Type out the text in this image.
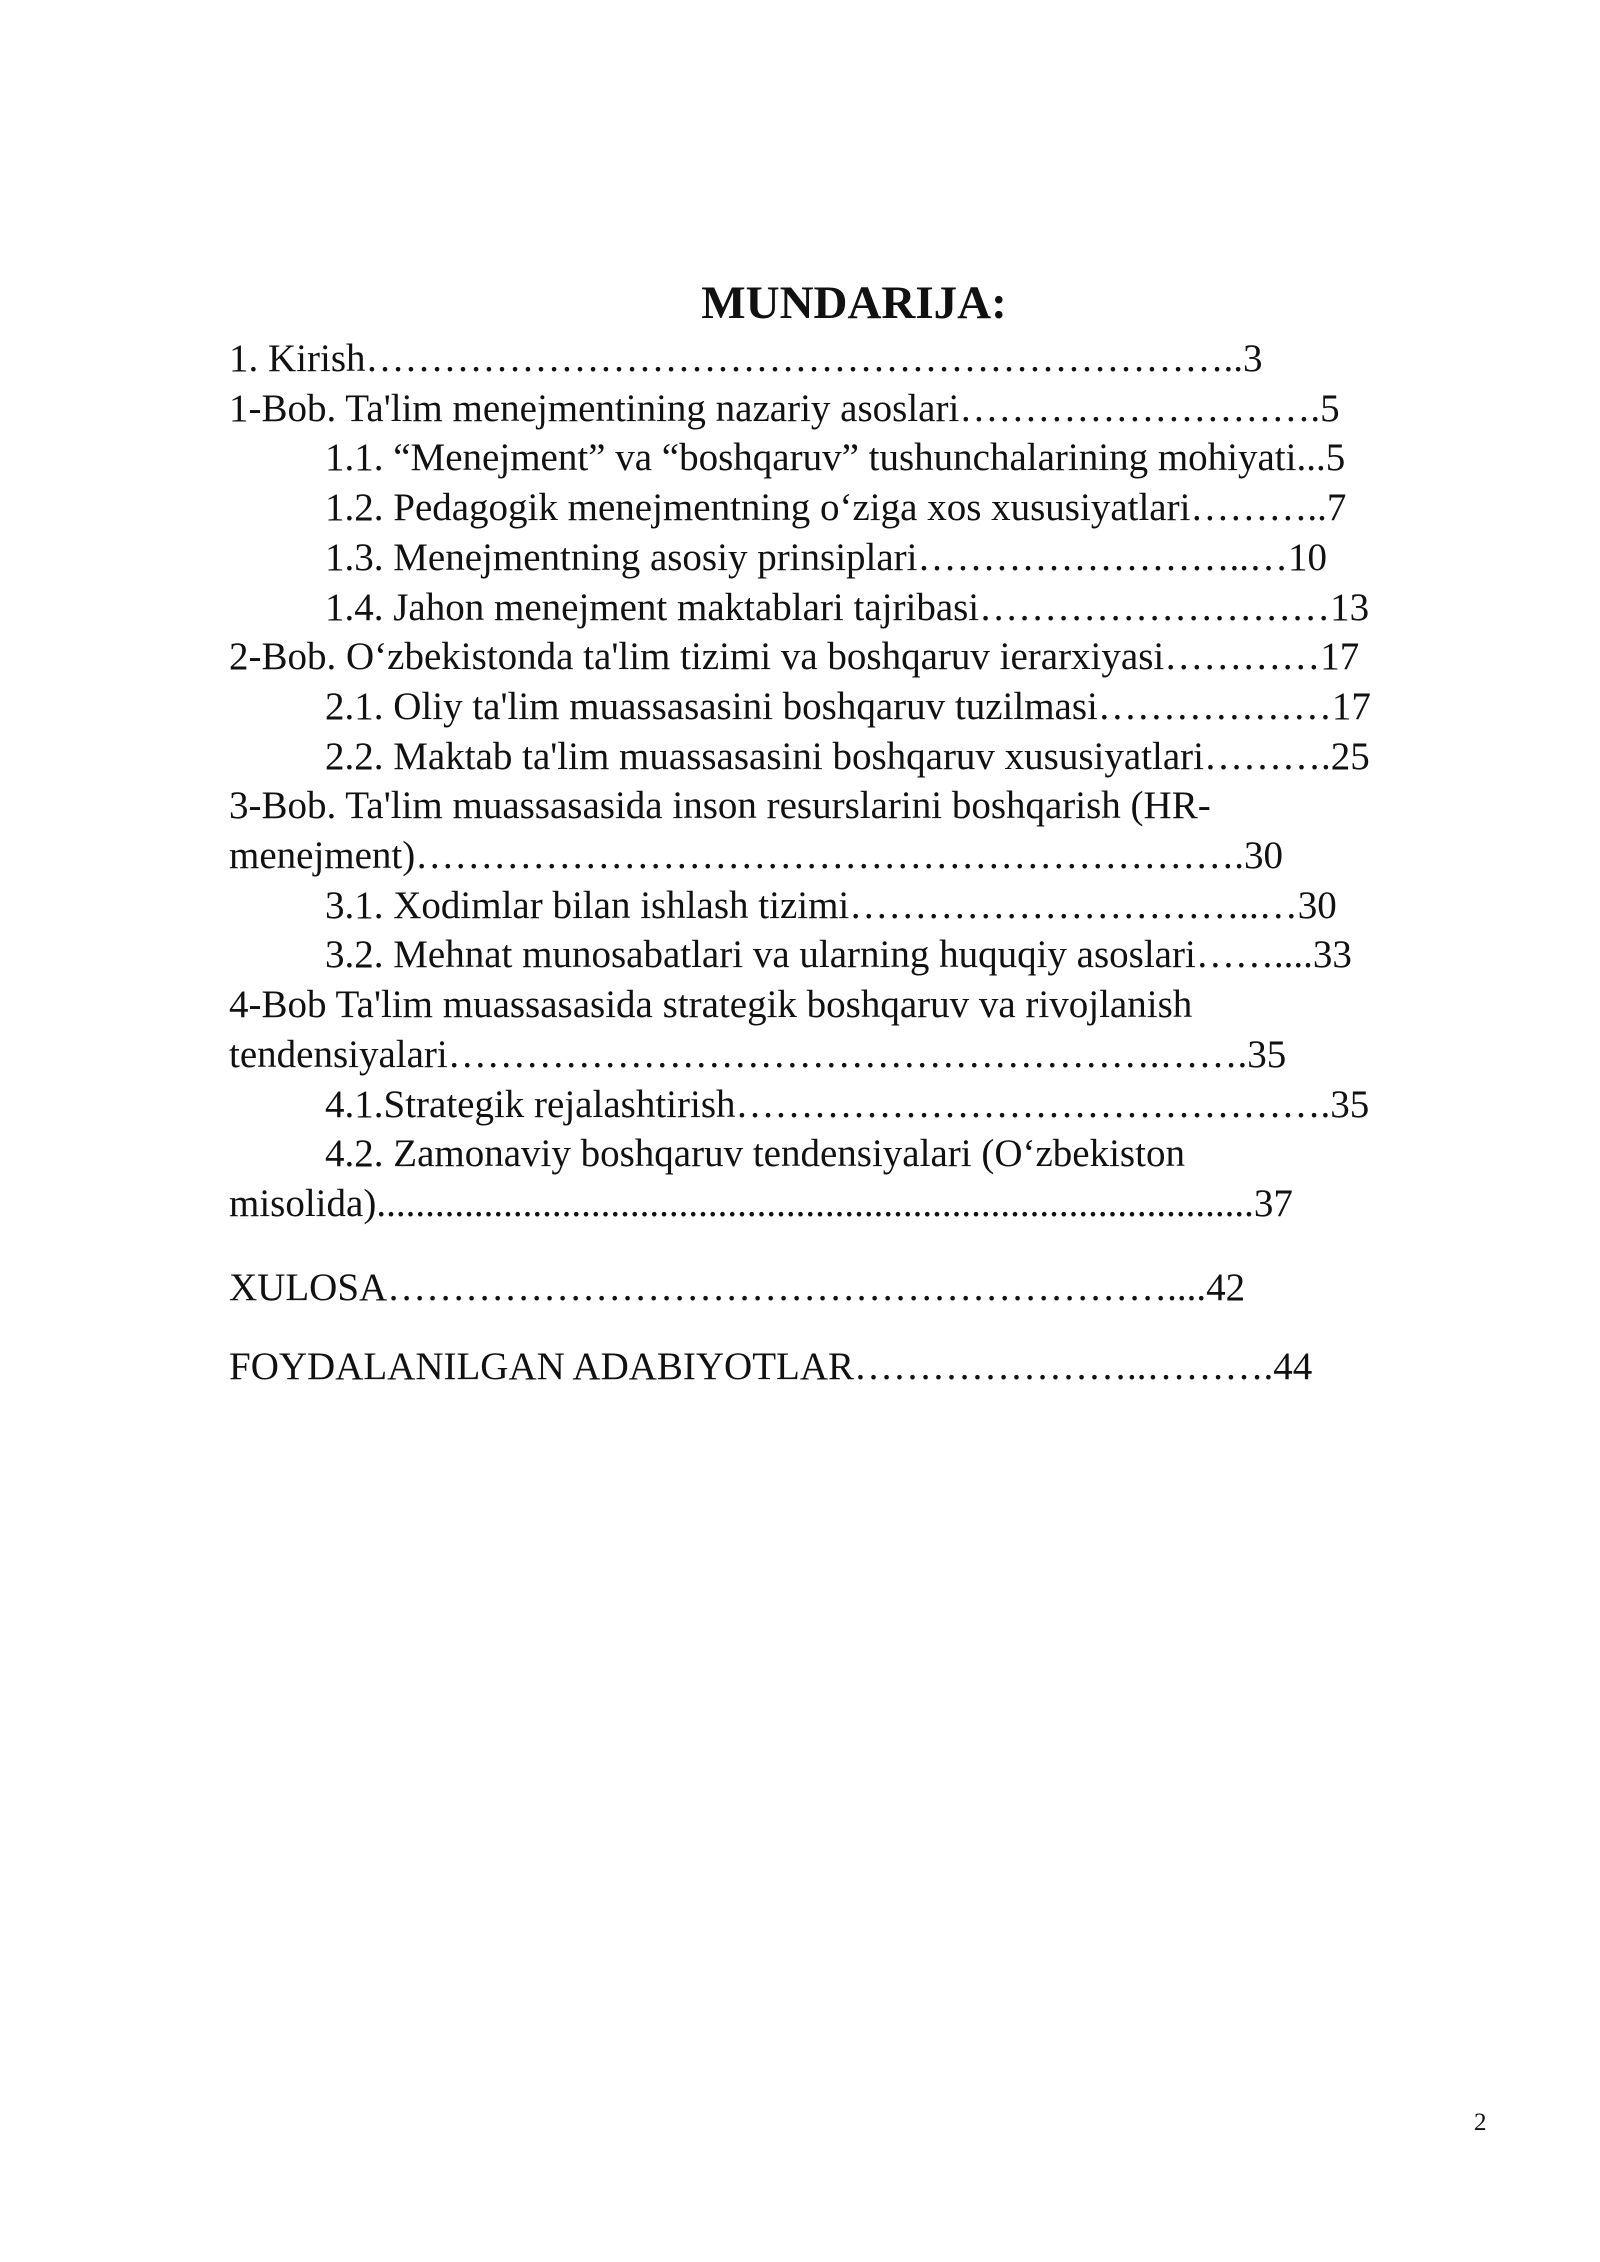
MUNDARIJA:
1. Kirish…………………………………………………………..3
1-Bob. Ta'lim menejmentining nazariy asoslari……………………….5
1.1. “Menejment” va “boshqaruv” tushunchalarining mohiyati...5
1.2. Pedagogik menejmentning o‘ziga xos xususiyatlari………..7
1.3. Menejmentning asosiy prinsiplari……………………..…10
1.4. Jahon menejment maktablari tajribasi………………………13
2-Bob. O‘zbekistonda ta'lim tizimi va boshqaruv ierarxiyasi…………17
2.1. Oliy ta'lim muassasasini boshqaruv tuzilmasi………………17
2.2. Maktab ta'lim muassasasini boshqaruv xususiyatlari……….25
3-Bob. Ta'lim muassasasida inson resurslarini boshqarish (HR-
menejment)……………………………………………………….30
3.1. Xodimlar bilan ishlash tizimi…………………………..…30
3.2. Mehnat munosabatlari va ularning huquqiy asoslari……....33
4-Bob Ta'lim muassasasida strategik boshqaruv va rivojlanish
tendensiyalari……………………………………………….…….35
4.1.Strategik rejalashtirish……………………………………….35
4.2. Zamonaviy boshqaruv tendensiyalari (O‘zbekiston
misolida)..........................................................................................37
XULOSA……………………………………………………....42
FOYDALANILGAN ADABIYOTLAR…………………..……….44
2
